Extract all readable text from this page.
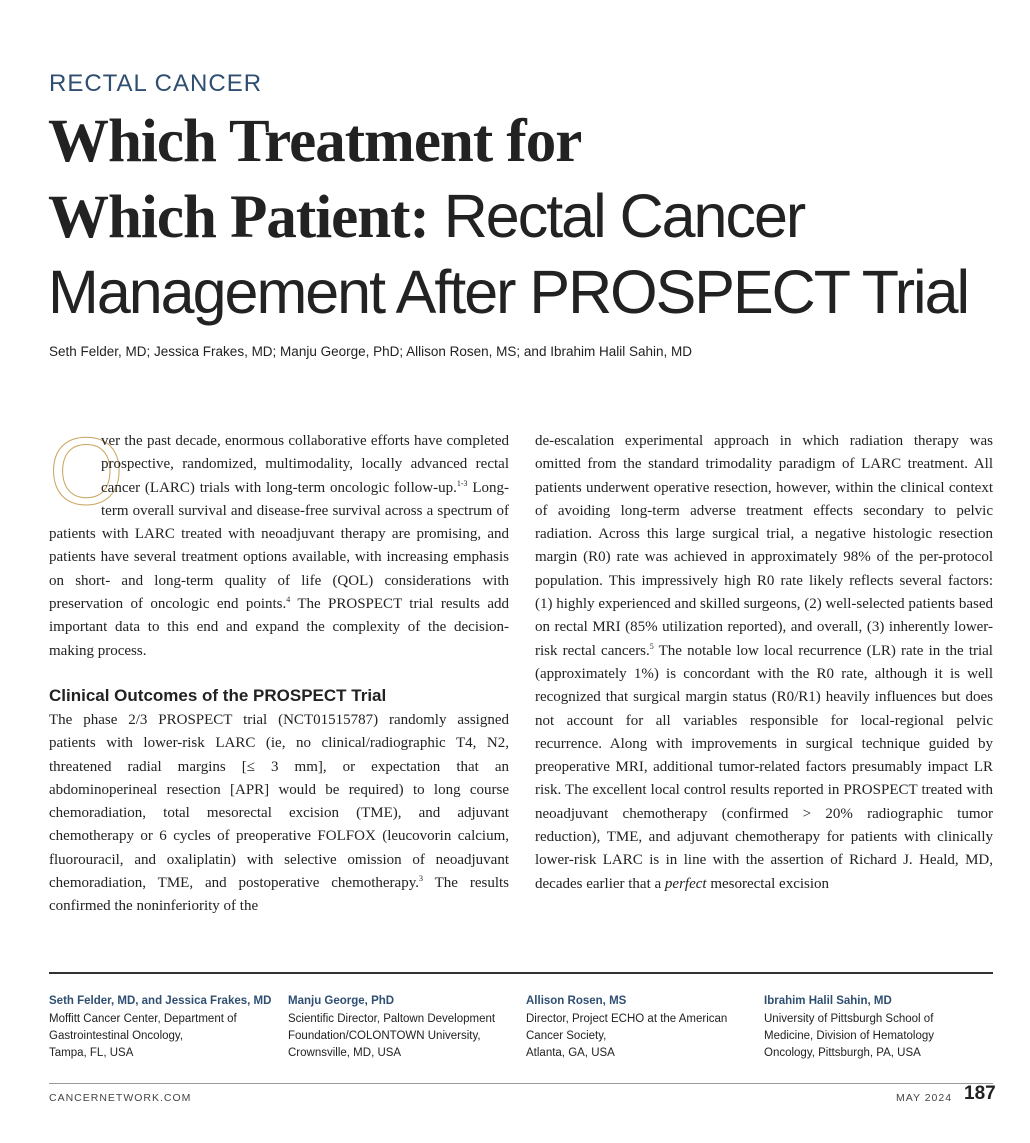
RECTAL CANCER
Which Treatment for
Which Patient: Rectal Cancer
Management After PROSPECT Trial
Seth Felder, MD; Jessica Frakes, MD; Manju George, PhD; Allison Rosen, MS; and Ibrahim Halil Sahin, MD

O
ver the past decade, enormous collaborative efforts have completed prospective, randomized, multimodality, locally advanced rectal cancer (LARC) trials with long-term oncologic follow-up.$^{1-3}$ Long-term overall survival and disease-free survival across a spectrum of patients with LARC treated with neoadjuvant therapy are promising, and patients have several treatment options available, with increasing emphasis on short- and long-term quality of life (QOL) considerations with preservation of oncologic end points.$^4$ The PROSPECT trial results add important data to this end and expand the complexity of the decision-making process.

Clinical Outcomes of the PROSPECT Trial

The phase 2/3 PROSPECT trial (NCT01515787) randomly assigned patients with lower-risk LARC (ie, no clinical/radiographic T4, N2, threatened radial margins [≤ 3 mm], or expectation that an abdominoperineal resection [APR] would be required) to long course chemoradiation, total mesorectal excision (TME), and adjuvant chemotherapy or 6 cycles of preoperative FOLFOX (leucovorin calcium, fluorouracil, and oxaliplatin) with selective omission of neoadjuvant chemoradiation, TME, and postoperative chemotherapy.$^3$ The results confirmed the noninferiority of the

de-escalation experimental approach in which radiation therapy was omitted from the standard trimodality paradigm of LARC treatment. All patients underwent operative resection, however, within the clinical context of avoiding long-term adverse treatment effects secondary to pelvic radiation. Across this large surgical trial, a negative histologic resection margin (R0) rate was achieved in approximately 98% of the per-protocol population. This impressively high R0 rate likely reflects several factors: (1) highly experienced and skilled surgeons, (2) well-selected patients based on rectal MRI (85% utilization reported), and overall, (3) inherently lower-risk rectal cancers.$^5$ The notable low local recurrence (LR) rate in the trial (approximately 1%) is concordant with the R0 rate, although it is well recognized that surgical margin status (R0/R1) heavily influences but does not account for all variables responsible for local-regional pelvic recurrence. Along with improvements in surgical technique guided by preoperative MRI, additional tumor-related factors presumably impact LR risk. The excellent local control results reported in PROSPECT treated with neoadjuvant chemotherapy (confirmed > 20% radiographic tumor reduction), TME, and adjuvant chemotherapy for patients with clinically lower-risk LARC is in line with the assertion of Richard J. Heald, MD, decades earlier that a perfect mesorectal excision

Seth Felder, MD, and Jessica Frakes, MD
Moffitt Cancer Center, Department of
Gastrointestinal Oncology,
Tampa, FL, USA
Manju George, PhD
Scientific Director, Paltown Development
Foundation/COLONTOWN University,
Crownsville, MD, USA
Allison Rosen, MS
Director, Project ECHO at the American
Cancer Society,
Atlanta, GA, USA
Ibrahim Halil Sahin, MD
University of Pittsburgh School of
Medicine, Division of Hematology
Oncology, Pittsburgh, PA, USA
CANCERNETWORK.COM	MAY 2024 187
